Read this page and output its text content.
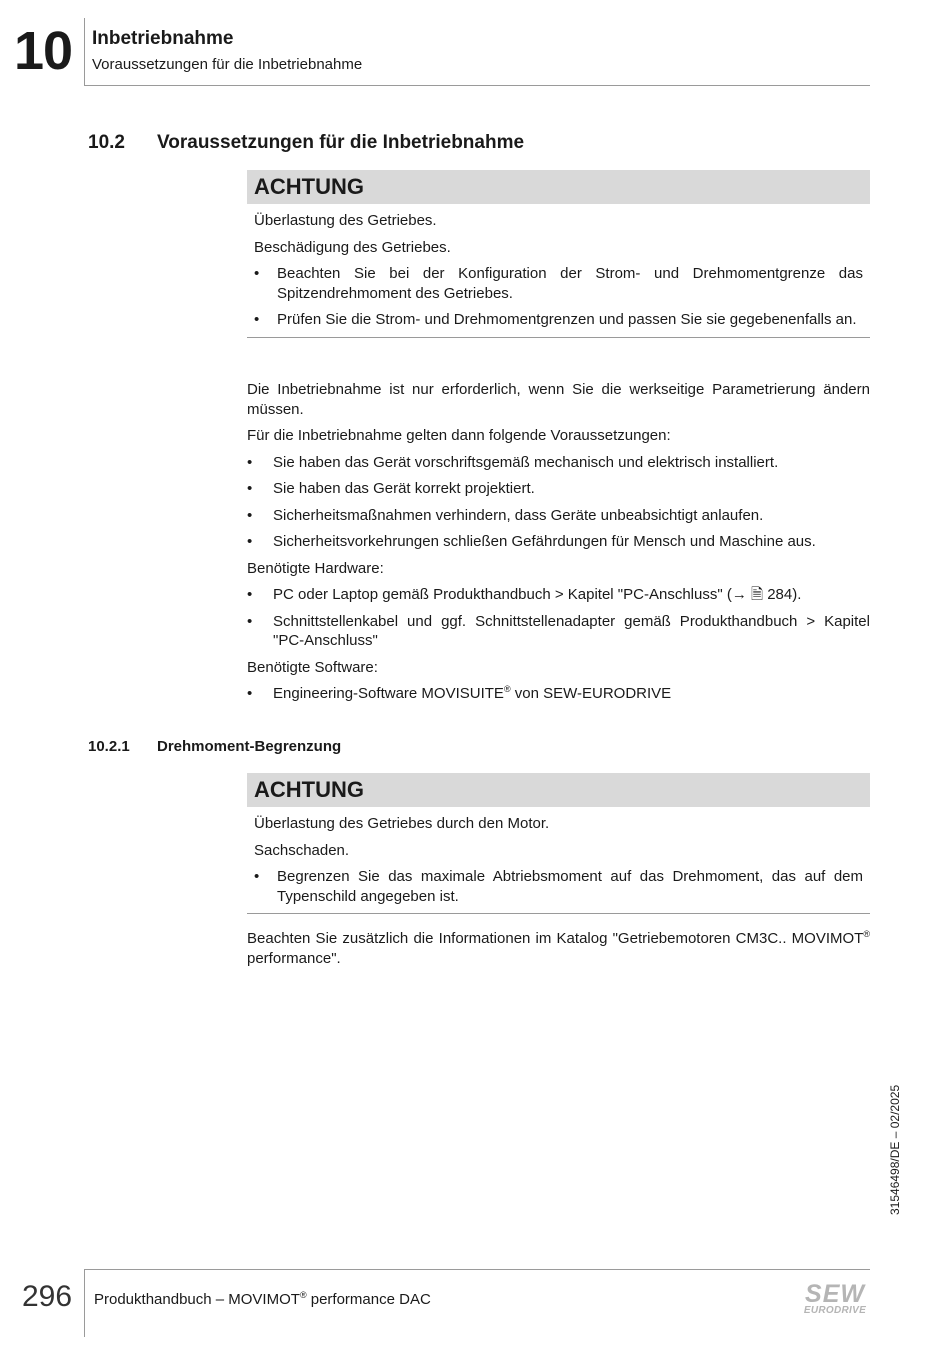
10 Inbetriebnahme
Voraussetzungen für die Inbetriebnahme
10.2 Voraussetzungen für die Inbetriebnahme
ACHTUNG

Überlastung des Getriebes.

Beschädigung des Getriebes.

• Beachten Sie bei der Konfiguration der Strom- und Drehmomentgrenze das Spitzendrehmoment des Getriebes.
• Prüfen Sie die Strom- und Drehmomentgrenzen und passen Sie sie gegebenenfalls an.

Die Inbetriebnahme ist nur erforderlich, wenn Sie die werkseitige Parametrierung ändern müssen.

Für die Inbetriebnahme gelten dann folgende Voraussetzungen:

• Sie haben das Gerät vorschriftsgemäß mechanisch und elektrisch installiert.
• Sie haben das Gerät korrekt projektiert.
• Sicherheitsmaßnahmen verhindern, dass Geräte unbeabsichtigt anlaufen.
• Sicherheitsvorkehrungen schließen Gefährdungen für Mensch und Maschine aus.

Benötigte Hardware:

• PC oder Laptop gemäß Produkthandbuch > Kapitel "PC-Anschluss" (→ 🗎 284).
• Schnittstellenkabel und ggf. Schnittstellenadapter gemäß Produkthandbuch > Kapitel "PC-Anschluss"

Benötigte Software:

• Engineering-Software MOVISUITE® von SEW-EURODRIVE
10.2.1 Drehmoment-Begrenzung
ACHTUNG

Überlastung des Getriebes durch den Motor.

Sachschaden.

• Begrenzen Sie das maximale Abtriebsmoment auf das Drehmoment, das auf dem Typenschild angegeben ist.

Beachten Sie zusätzlich die Informationen im Katalog "Getriebemotoren CM3C.. MOVIMOT® performance".

31546498/DE – 02/2025
296 Produkthandbuch – MOVIMOT® performance DAC	SEW
EURODRIVE
